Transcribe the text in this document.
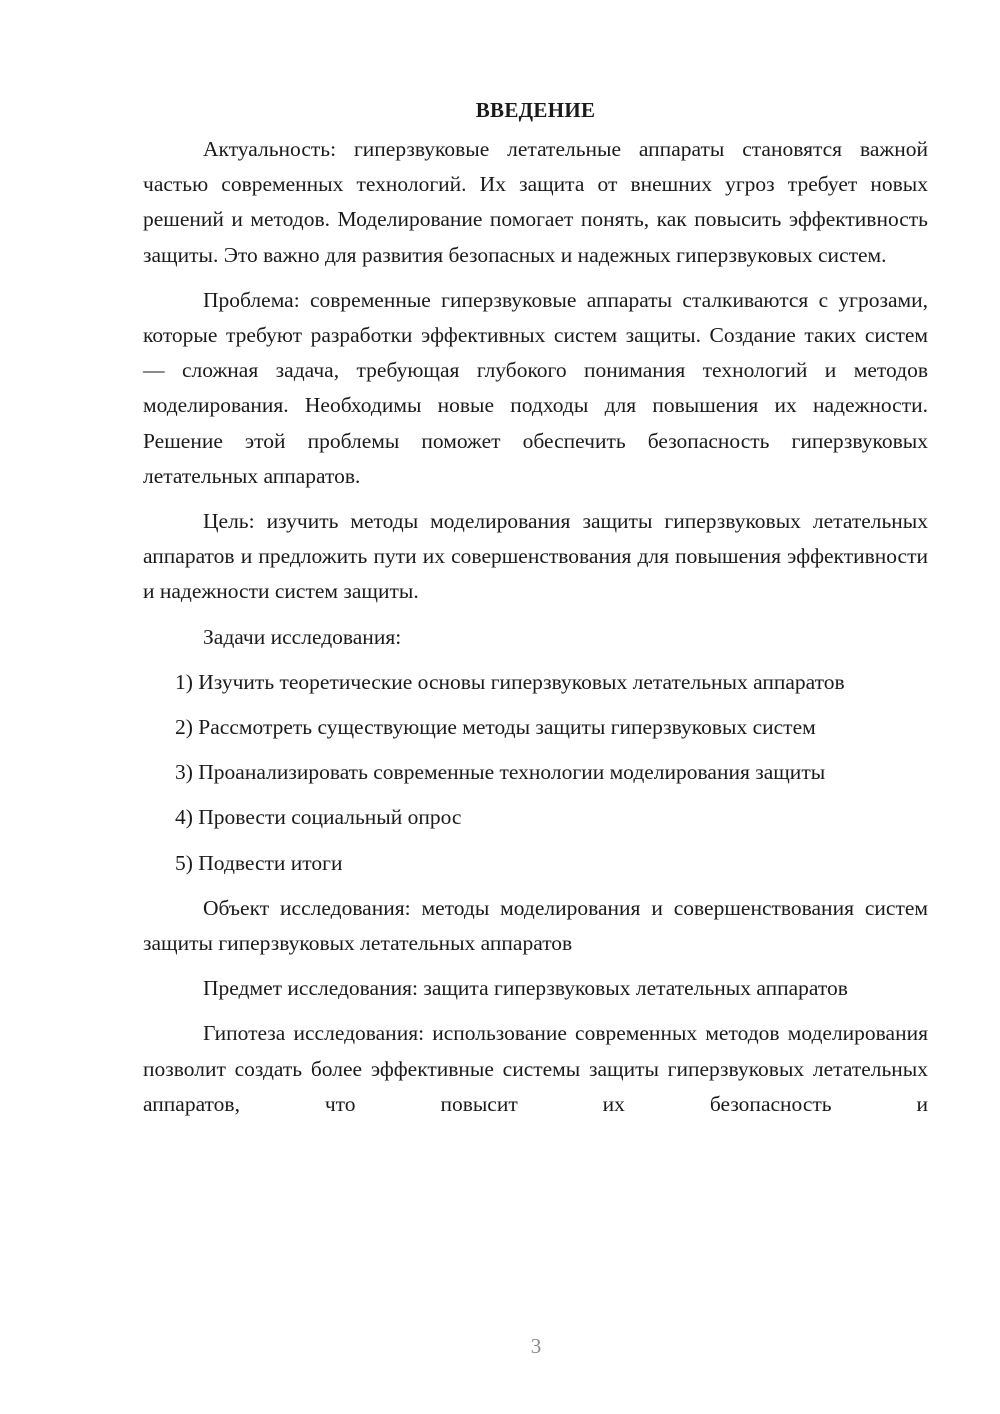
ВВЕДЕНИЕ

Актуальность: гиперзвуковые летательные аппараты становятся важной частью современных технологий. Их защита от внешних угроз требует новых решений и методов. Моделирование помогает понять, как повысить эффективность защиты. Это важно для развития безопасных и надежных гиперзвуковых систем.

Проблема: современные гиперзвуковые аппараты сталкиваются с угрозами, которые требуют разработки эффективных систем защиты. Создание таких систем — сложная задача, требующая глубокого понимания технологий и методов моделирования. Необходимы новые подходы для повышения их надежности. Решение этой проблемы поможет обеспечить безопасность гиперзвуковых летательных аппаратов.

Цель: изучить методы моделирования защиты гиперзвуковых летательных аппаратов и предложить пути их совершенствования для повышения эффективности и надежности систем защиты.

Задачи исследования:

1) Изучить теоретические основы гиперзвуковых летательных аппаратов

2) Рассмотреть существующие методы защиты гиперзвуковых систем

3) Проанализировать современные технологии моделирования защиты

4) Провести социальный опрос

5) Подвести итоги

Объект исследования: методы моделирования и совершенствования систем защиты гиперзвуковых летательных аппаратов

Предмет исследования: защита гиперзвуковых летательных аппаратов

Гипотеза исследования: использование современных методов моделирования позволит создать более эффективные системы защиты гиперзвуковых летательных аппаратов, что повысит их безопасность и

3
